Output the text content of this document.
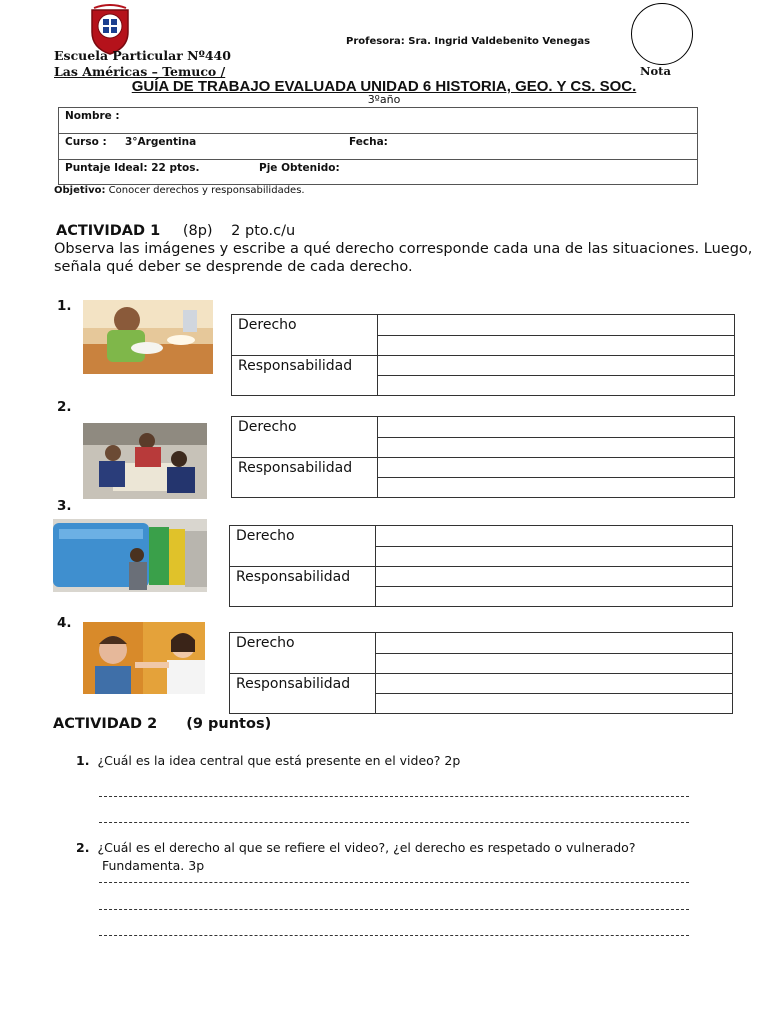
Escuela Particular Nº440
Las Américas – Temuco /
Profesora: Sra. Ingrid Valdebenito Venegas
Nota
GUÍA DE TRABAJO EVALUADA UNIDAD 6 HISTORIA, GEO. Y CS. SOC.
3ºaño
Nombre :
Curso : 3°Argentina	Fecha:
Puntaje Ideal: 22 ptos.	Pje Obtenido:
Objetivo: Conocer derechos y responsabilidades.
ACTIVIDAD 1 (8p) 2 pto.c/u
Observa las imágenes y escribe a qué derecho corresponde cada una de las situaciones. Luego, señala qué deber se desprende de cada derecho.
1.
Derecho
Responsabilidad
2.
Derecho
Responsabilidad
3.
Derecho
Responsabilidad
4.
Derecho
Responsabilidad
ACTIVIDAD 2 (9 puntos)
1. ¿Cuál es la idea central que está presente en el video? 2p
2. ¿Cuál es el derecho al que se refiere el video?, ¿el derecho es respetado o vulnerado?
Fundamenta. 3p
